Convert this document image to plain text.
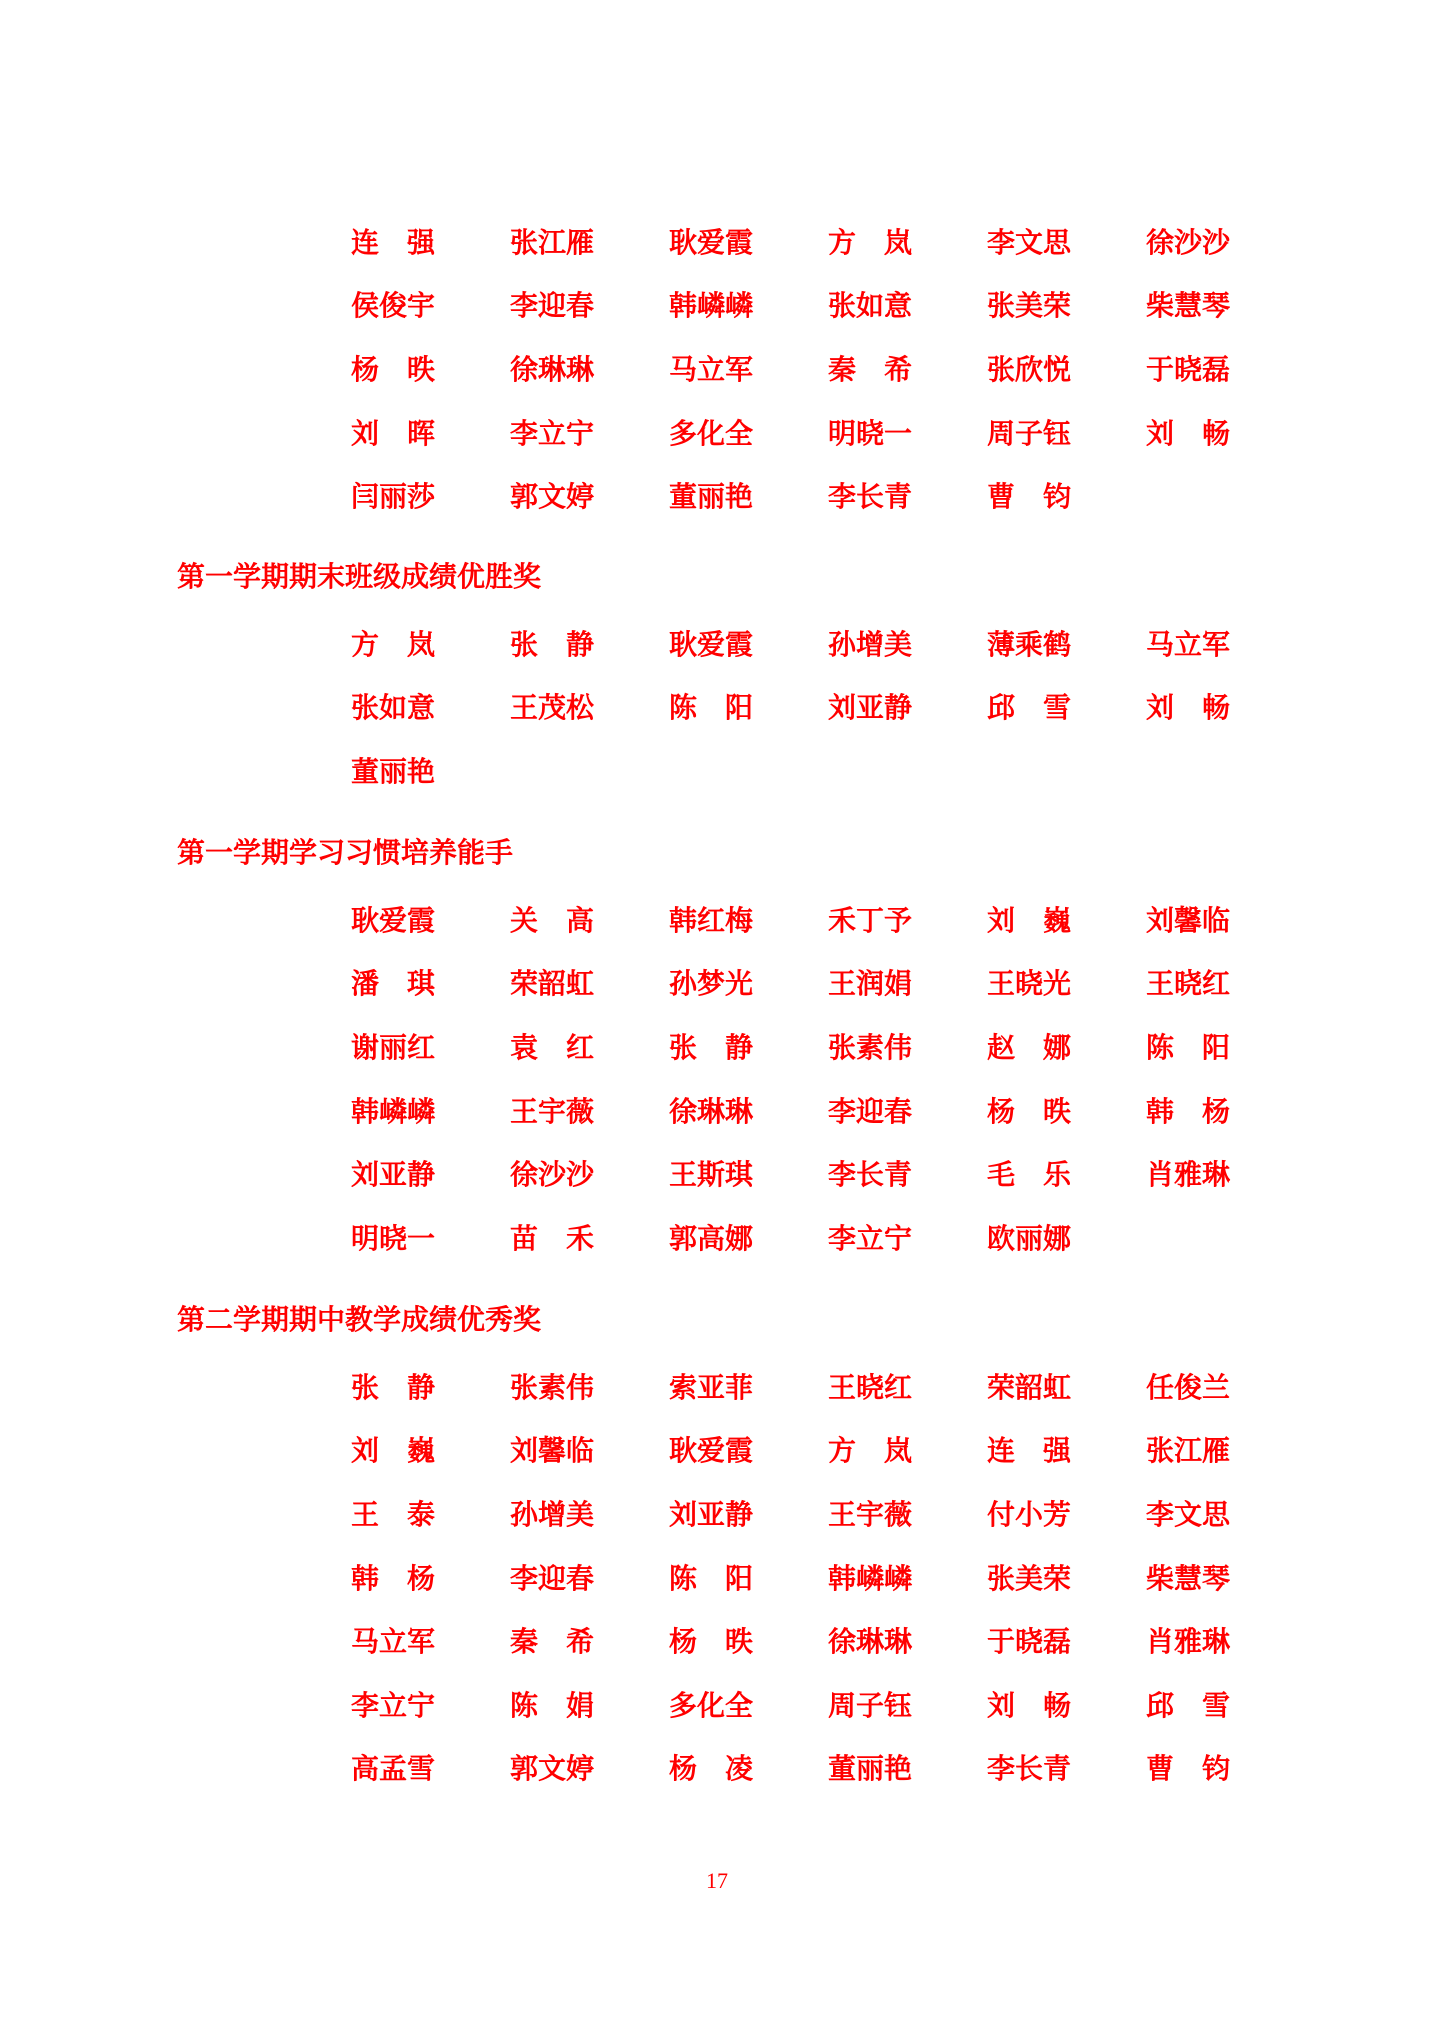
连　强	张江雁	耿爱霞	方　岚	李文思	徐沙沙
侯俊宇	李迎春	韩嶙嶙	张如意	张美荣	柴慧琴
杨　昳	徐琳琳	马立军	秦　希	张欣悦	于晓磊
刘　晖	李立宁	多化全	明晓一	周子钰	刘　畅
闫丽莎	郭文婷	董丽艳	李长青	曹　钧
第一学期期末班级成绩优胜奖
方　岚	张　静	耿爱霞	孙增美	薄乘鹤	马立军
张如意	王茂松	陈　阳	刘亚静	邱　雪	刘　畅
董丽艳
第一学期学习习惯培养能手
耿爱霞	关　高	韩红梅	禾丁予	刘　巍	刘馨临
潘　琪	荣韶虹	孙梦光	王润娟	王晓光	王晓红
谢丽红	袁　红	张　静	张素伟	赵　娜	陈　阳
韩嶙嶙	王宇薇	徐琳琳	李迎春	杨　昳	韩　杨
刘亚静	徐沙沙	王斯琪	李长青	毛　乐	肖雅琳
明晓一	苗　禾	郭高娜	李立宁	欧丽娜
第二学期期中教学成绩优秀奖
张　静	张素伟	索亚菲	王晓红	荣韶虹	任俊兰
刘　巍	刘馨临	耿爱霞	方　岚	连　强	张江雁
王　泰	孙增美	刘亚静	王宇薇	付小芳	李文思
韩　杨	李迎春	陈　阳	韩嶙嶙	张美荣	柴慧琴
马立军	秦　希	杨　昳	徐琳琳	于晓磊	肖雅琳
李立宁	陈　娟	多化全	周子钰	刘　畅	邱　雪
高孟雪	郭文婷	杨　凌	董丽艳	李长青	曹　钧
17
